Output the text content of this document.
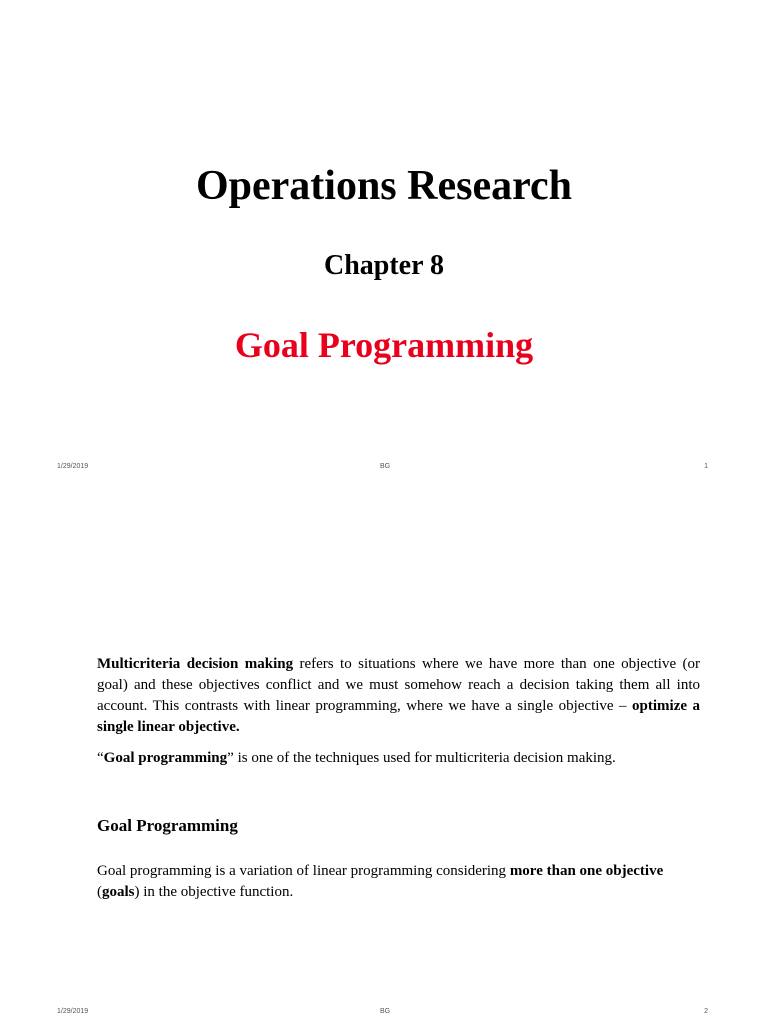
Operations Research
Chapter 8
Goal Programming
1/29/2019	BG	1

Multicriteria decision making refers to situations where we have more than one objective (or goal) and these objectives conflict and we must somehow reach a decision taking them all into account. This contrasts with linear programming, where we have a single objective – optimize a single linear objective.

“Goal programming” is one of the techniques used for multicriteria decision making.

Goal Programming

Goal programming is a variation of linear programming considering more than one objective (goals) in the objective function.

1/29/2019	BG	2
